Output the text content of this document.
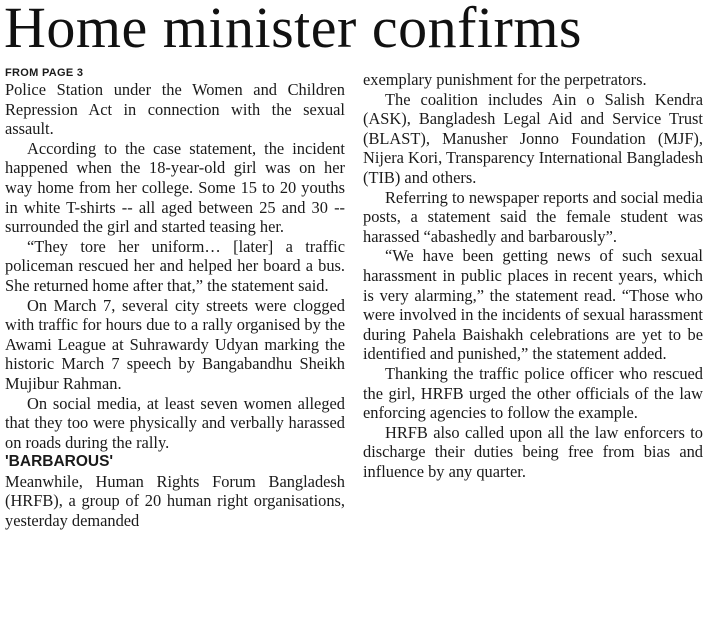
Home minister confirms

FROM PAGE 3

Police Station under the Women and Children Repression Act in connection with the sexual assault.

According to the case statement, the incident happened when the 18-year-old girl was on her way home from her college. Some 15 to 20 youths in white T-shirts -- all aged between 25 and 30 -- surrounded the girl and started teasing her.

“They tore her uniform… [later] a traffic policeman rescued her and helped her board a bus. She returned home after that,” the statement said.

On March 7, several city streets were clogged with traffic for hours due to a rally organised by the Awami League at Suhrawardy Udyan marking the historic March 7 speech by Bangabandhu Sheikh Mujibur Rahman.

On social media, at least seven women alleged that they too were physically and verbally harassed on roads during the rally.

'BARBAROUS'

Meanwhile, Human Rights Forum Bangladesh (HRFB), a group of 20 human right organisations, yesterday demanded

exemplary punishment for the perpetrators.

The coalition includes Ain o Salish Kendra (ASK), Bangladesh Legal Aid and Service Trust (BLAST), Manusher Jonno Foundation (MJF), Nijera Kori, Transparency International Bangladesh (TIB) and others.

Referring to newspaper reports and social media posts, a statement said the female student was harassed “abashedly and barbarously”.

“We have been getting news of such sexual harassment in public places in recent years, which is very alarming,” the statement read. “Those who were involved in the incidents of sexual harassment during Pahela Baishakh celebrations are yet to be identified and punished,” the statement added.

Thanking the traffic police officer who rescued the girl, HRFB urged the other officials of the law enforcing agencies to follow the example.

HRFB also called upon all the law enforcers to discharge their duties being free from bias and influence by any quarter.
